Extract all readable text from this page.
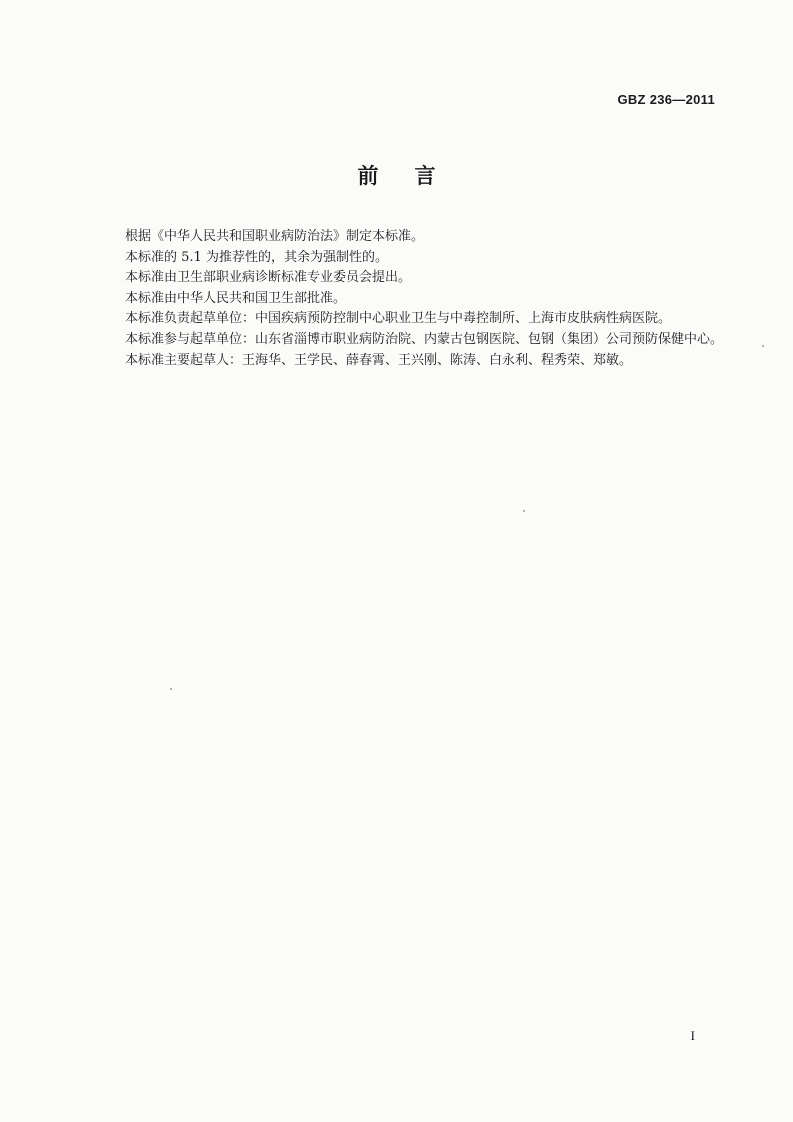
GBZ 236—2011
前言

根据《中华人民共和国职业病防治法》制定本标准。

本标准的 5.1 为推荐性的，其余为强制性的。

本标准由卫生部职业病诊断标准专业委员会提出。

本标准由中华人民共和国卫生部批准。

本标准负责起草单位：中国疾病预防控制中心职业卫生与中毒控制所、上海市皮肤病性病医院。

本标准参与起草单位：山东省淄博市职业病防治院、内蒙古包钢医院、包钢（集团）公司预防保健中心。

本标准主要起草人：王海华、王学民、薛春霄、王兴刚、陈涛、白永利、程秀荣、郑敏。

I
